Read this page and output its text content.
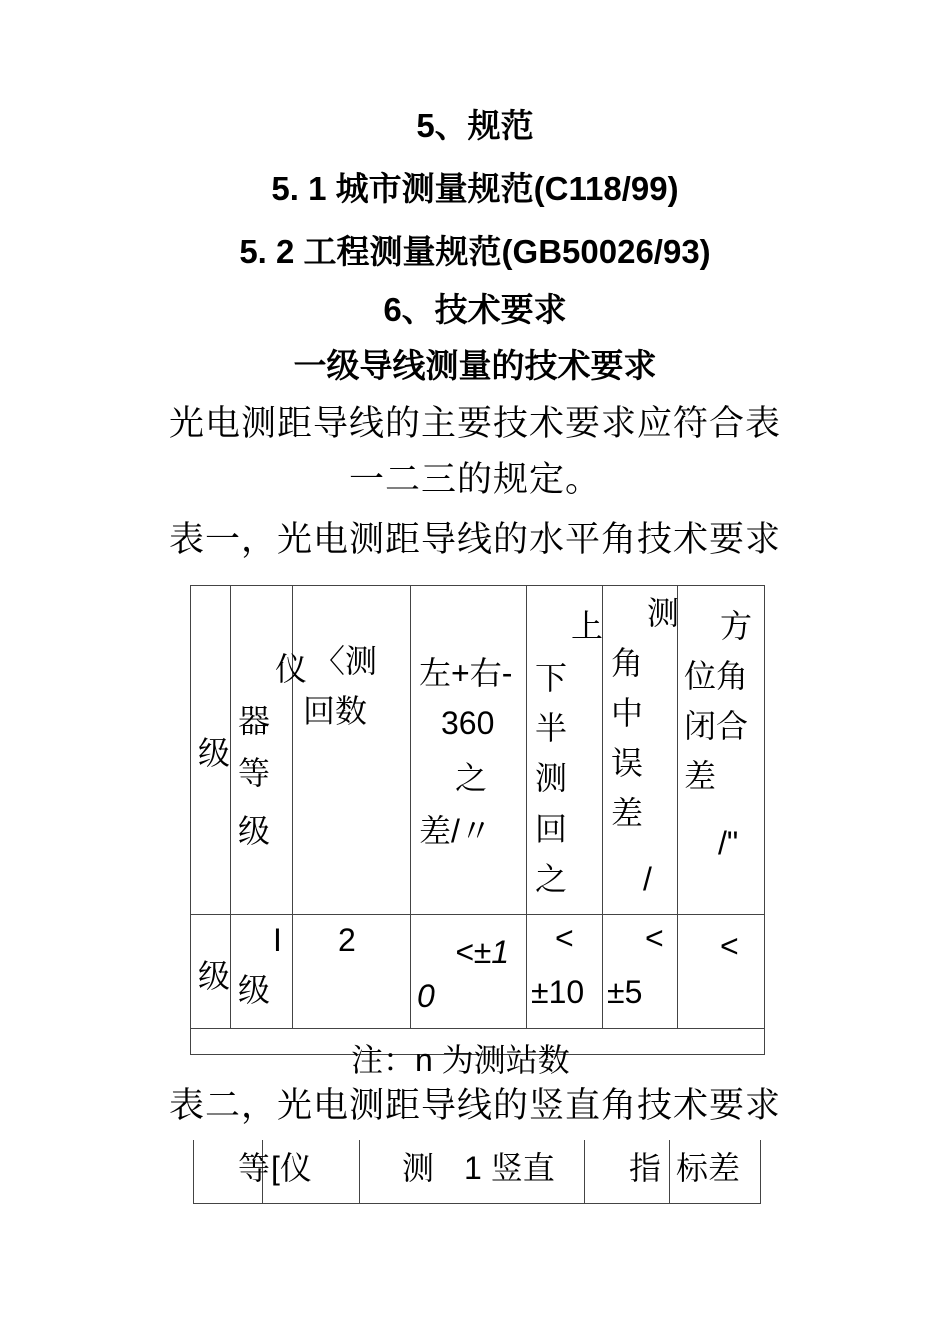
5、规范
5. 1 城市测量规范(C118/99)
5. 2 工程测量规范(GB50026/93)
6、技术要求
一级导线测量的技术要求
光电测距导线的主要技术要求应符合表
一二三的规定。
表一，光电测距导线的水平角技术要求
级
仪
器
等
级
〈测
回数
左+右-
360
之
差/〃
上
下
半
测
回
之
测
角
中
误
差
/
方
位角
闭合
差
/"
级
I
级
2	<±1
0
<
±10
<
±5
<
注：n 为测站数
表二，光电测距导线的竖直角技术要求
等 [仪	测 1 竖直 指 标差
